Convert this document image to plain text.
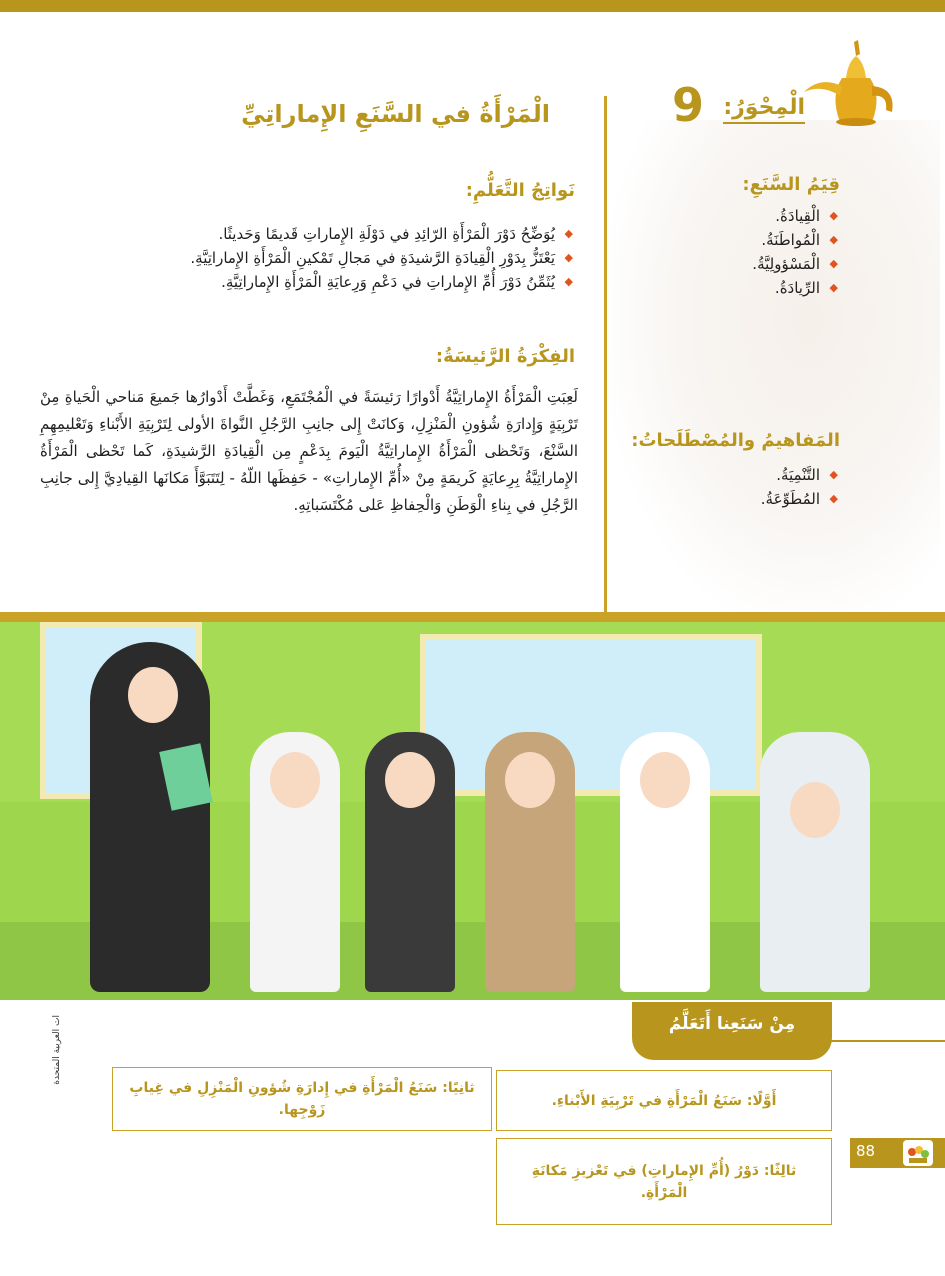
الْمِحْوَرُ:
9
الْمَرْأَةُ في السَّنَعِ الإِماراتِيِّ
نَواتِجُ التَّعَلُّمِ:
◆
يُوَضِّحُ دَوْرَ الْمَرْأَةِ الرّائِدِ في دَوْلَةِ الإِماراتِ قَديمًا وَحَديثًا.
◆
يَعْتَزُّ بِدَوْرِ الْقِيادَةِ الرَّشيدَةِ في مَجالِ تَمْكينِ الْمَرْأَةِ الإِماراتِيَّةِ.
◆
يُثَمِّنُ دَوْرَ أُمِّ الإِماراتِ في دَعْمِ وَرِعايَةِ الْمَرْأَةِ الإِماراتِيَّةِ.
قِيَمُ السَّنَعِ:
◆
الْقِيادَةُ.
◆
الْمُواطَنَةُ.
◆
الْمَسْؤولِيَّةُ.
◆
الرِّيادَةُ.
الفِكْرَةُ الرَّئيسَةُ:
لَعِبَتِ الْمَرْأَةُ الإِماراتِيَّةُ أَدْوارًا رَئيسَةً في الْمُجْتَمَعِ، وَغَطَّتْ أَدْوارُها جَميعَ مَناحي الْحَياةِ مِنْ تَرْبِيَةٍ وَإِدارَةِ شُؤونِ الْمَنْزِلِ، وَكانَتْ إِلى جانِبِ الرَّجُلِ النَّواةَ الأولى لِتَرْبِيَةِ الأَبْناءِ وَتَعْليمِهِمِ السَّنْعَ، وَتَحْظى الْمَرْأَةُ الإِماراتِيَّةُ الْيَومَ بِدَعْمٍ مِن الْقِيادَةِ الرَّشيدَةِ، كَما تَحْظى الْمَرْأَةُ الإِماراتِيَّةُ بِرِعايَةٍ كَريمَةٍ مِنْ «أُمِّ الإِماراتِ» - حَفِظَها اللّهُ - لِتَتَبَوَّأَ مَكانَها القِيادِيَّ إِلى جانِبِ الرَّجُلِ في بِناءِ الْوَطَنِ وَالْحِفاظِ عَلى مُكْتَسَباتِهِ.
المَفاهيمُ والمُصْطَلَحاتُ:
◆
التَّنْمِيَةُ.
◆
المُطَوِّعَةُ.
ات العربية المتحدة	مِنْ سَنَعِنا أَتَعَلَّمُ
أَوَّلًا: سَنَعُ الْمَرْأَةِ في تَرْبِيَةِ الأَبْناءِ.
ثانِيًا: سَنَعُ الْمَرْأَةِ في إِدارَةِ شُؤونِ الْمَنْزِلِ في غِيابِ زَوْجِها.
ثالِثًا: دَوْرُ (أُمِّ الإِماراتِ) في تَعْزيزِ مَكانَةِ الْمَرْأَةِ.
88
